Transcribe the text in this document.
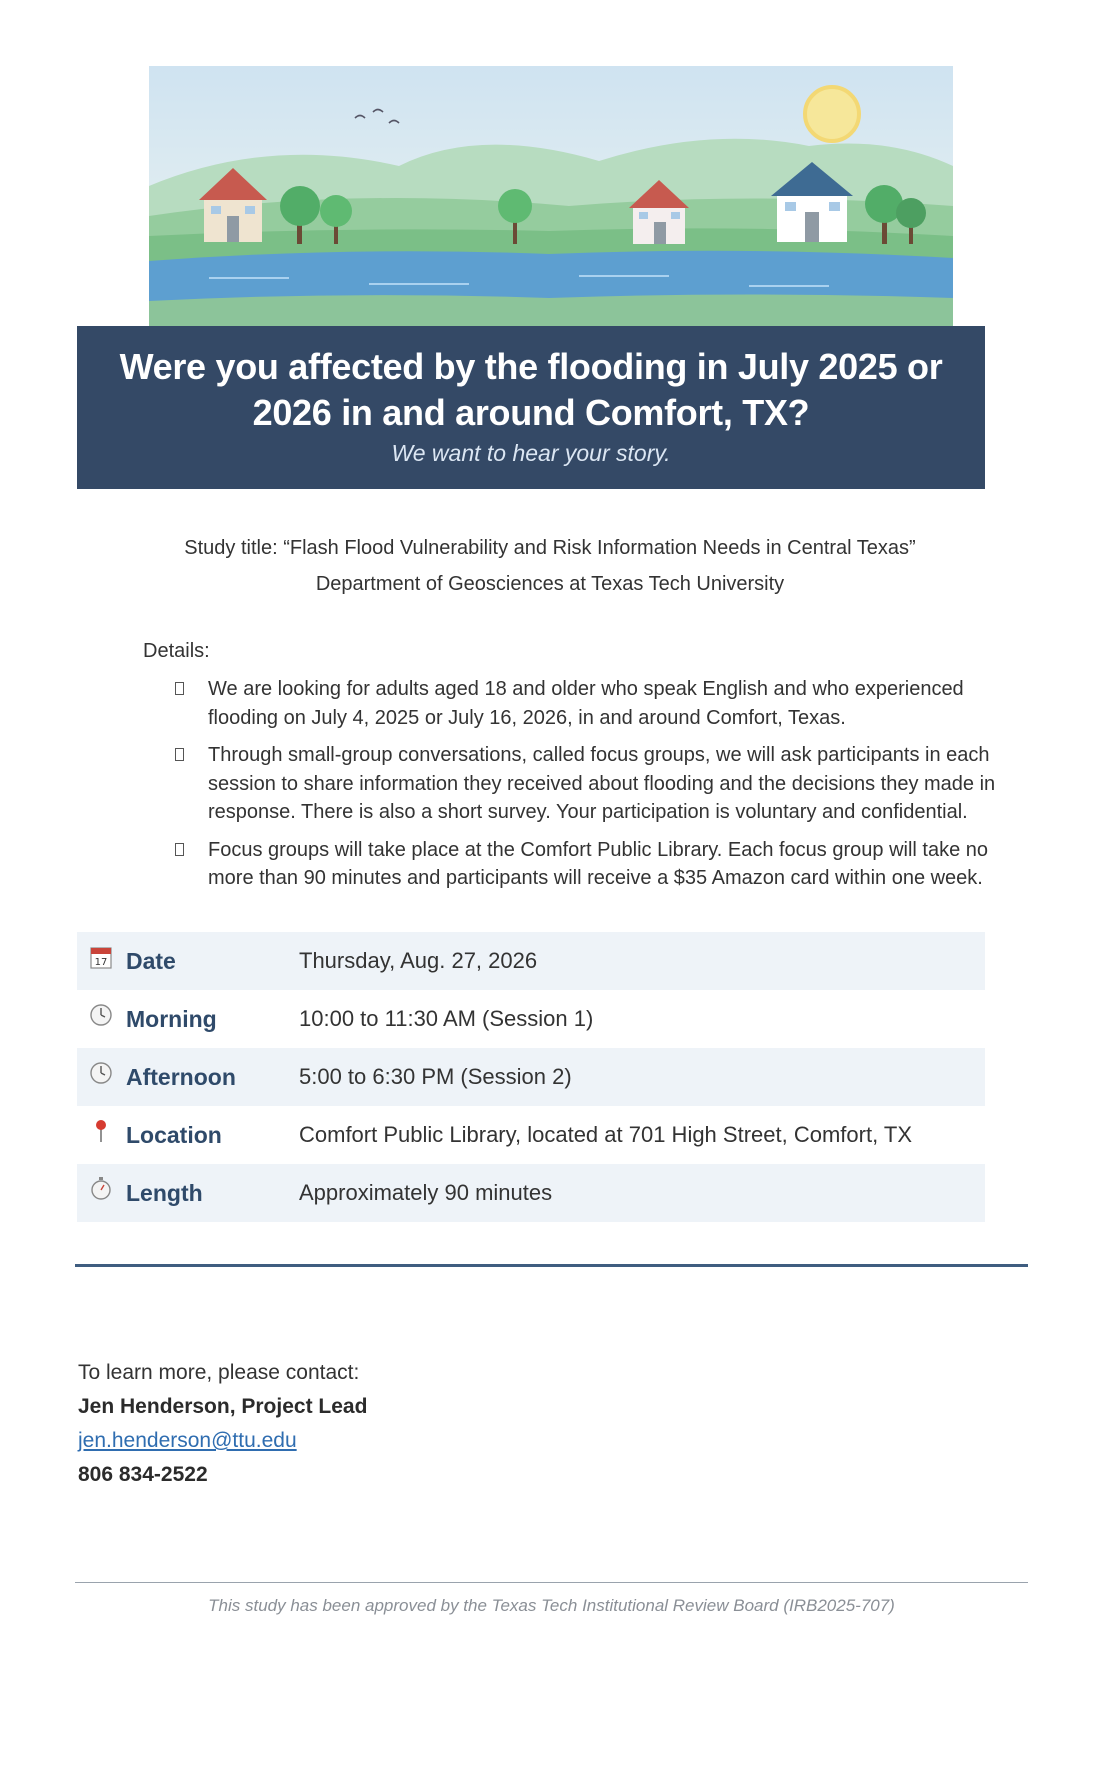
Were you affected by the flooding in July 2025 or 2026 in and around Comfort, TX?
We want to hear your story.
Study title: “Flash Flood Vulnerability and Risk Information Needs in Central Texas”
Department of Geosciences at Texas Tech University
Details:
We are looking for adults aged 18 and older who speak English and who experienced flooding on July 4, 2025 or July 16, 2026, in and around Comfort, Texas.
Through small-group conversations, called focus groups, we will ask participants in each session to share information they received about flooding and the decisions they made in response. There is also a short survey. Your participation is voluntary and confidential.
Focus groups will take place at the Comfort Public Library. Each focus group will take no more than 90 minutes and participants will receive a $35 Amazon card within one week.
17 Date	Thursday, Aug. 27, 2026
Morning	10:00 to 11:30 AM (Session 1)
Afternoon	5:00 to 6:30 PM (Session 2)
Location	Comfort Public Library, located at 701 High Street, Comfort, TX
Length	Approximately 90 minutes
To learn more, please contact:
Jen Henderson, Project Lead
jen.henderson@ttu.edu
806 834-2522
This study has been approved by the Texas Tech Institutional Review Board (IRB2025-707)
